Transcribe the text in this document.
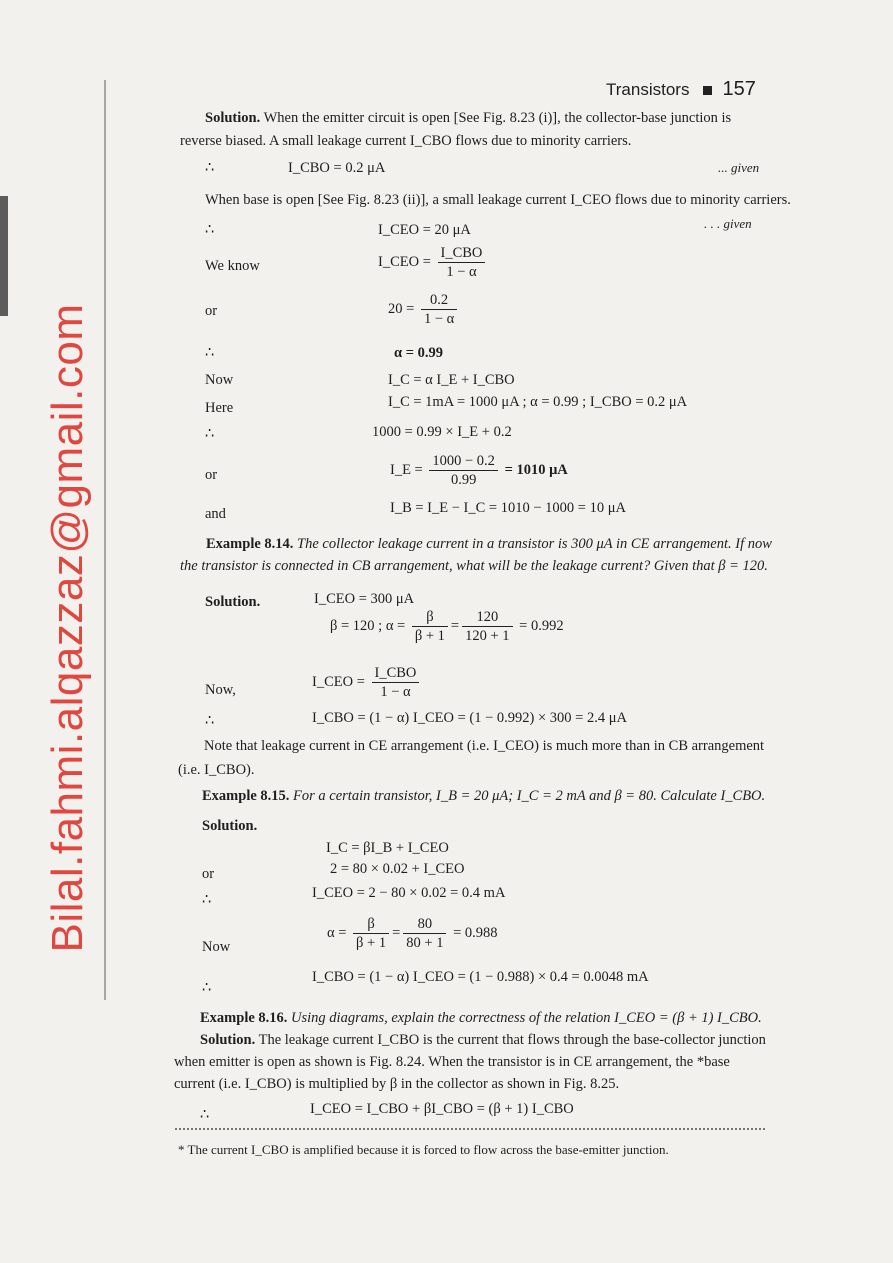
Bilal.fahmi.alqazzaz@gmail.com
Transistors 157
Solution. When the emitter circuit is open [See Fig. 8.23 (i)], the collector-base junction is
reverse biased. A small leakage current I_CBO flows due to minority carriers.
∴	I_CBO = 0.2 μA	... given
When base is open [See Fig. 8.23 (ii)], a small leakage current I_CEO flows due to minority carriers.
∴	I_CEO = 20 μA	. . . given
We know	I_CEO = $\frac{\text{I\_CBO}}{1 - \alpha}$
or	$20 = \frac{0.2}{1 - \alpha}$
∴	α = 0.99
Now	I_C = α I_E + I_CBO
Here	I_C = 1mA = 1000 μA ; α = 0.99 ; I_CBO = 0.2 μA
∴	1000 = 0.99 × I_E + 0.2
or	I_E = $\frac{1000 - 0.2}{0.99} = 1010$ μA
and	I_B = I_E − I_C = 1010 − 1000 = 10 μA
Example 8.14. The collector leakage current in a transistor is 300 μA in CE arrangement. If now
the transistor is connected in CB arrangement, what will be the leakage current? Given that β = 120.
Solution.	I_CEO = 300 μA
β = 120 ; $\alpha = \frac{\beta}{\beta + 1} = \frac{120}{120 + 1} = 0.992$
Now,
I_CEO = $\frac{\text{I\_CBO}}{1 - \alpha}$
∴	I_CBO = (1 − α) I_CEO = (1 − 0.992) × 300 = 2.4 μA
Note that leakage current in CE arrangement (i.e. I_CEO) is much more than in CB arrangement
(i.e. I_CBO).
Example 8.15. For a certain transistor, I_B = 20 μA; I_C = 2 mA and β = 80. Calculate I_CBO.
Solution.
I_C = βI_B + I_CEO
or	2 = 80 × 0.02 + I_CEO
∴	I_CEO = 2 − 80 × 0.02 = 0.4 mA
Now
$\alpha = \frac{\beta}{\beta + 1} = \frac{80}{80 + 1} = 0.988$
∴
I_CBO = (1 − α) I_CEO = (1 − 0.988) × 0.4 = 0.0048 mA
Example 8.16. Using diagrams, explain the correctness of the relation I_CEO = (β + 1) I_CBO.
Solution. The leakage current I_CBO is the current that flows through the base-collector junction
when emitter is open as shown is Fig. 8.24. When the transistor is in CE arrangement, the *base
current (i.e. I_CBO) is multiplied by β in the collector as shown in Fig. 8.25.
∴	I_CEO = I_CBO + βI_CBO = (β + 1) I_CBO
* The current I_CBO is amplified because it is forced to flow across the base-emitter junction.
